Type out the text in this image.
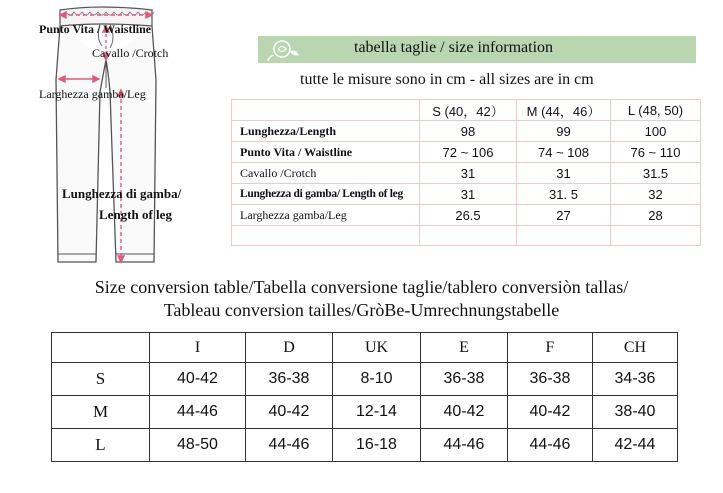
Punto Vita / Waistline
Cavallo /Crotch
Larghezza gamba/Leg
Lunghezza di gamba/
Length of leg
tabella taglie / size information
tutte le misure sono in cm - all sizes are in cm
	S (40，42）	M (44，46）	L (48, 50)
Lunghezza/Length	98	99	100
Punto Vita / Waistline	72 ~ 106	74 ~ 108	76 ~ 110
Cavallo /Crotch	31	31	31.5
Lunghezza di gamba/ Length of leg	31	31. 5	32
Larghezza gamba/Leg	26.5	27	28

Size conversion table/Tabella conversione taglie/tablero conversiòn tallas/
Tableau conversion tailles/GròBe-Umrechnungstabelle
	I	D	UK	E	F	CH
S	40-42	36-38	8-10	36-38	36-38	34-36
M	44-46	40-42	12-14	40-42	40-42	38-40
L	48-50	44-46	16-18	44-46	44-46	42-44
